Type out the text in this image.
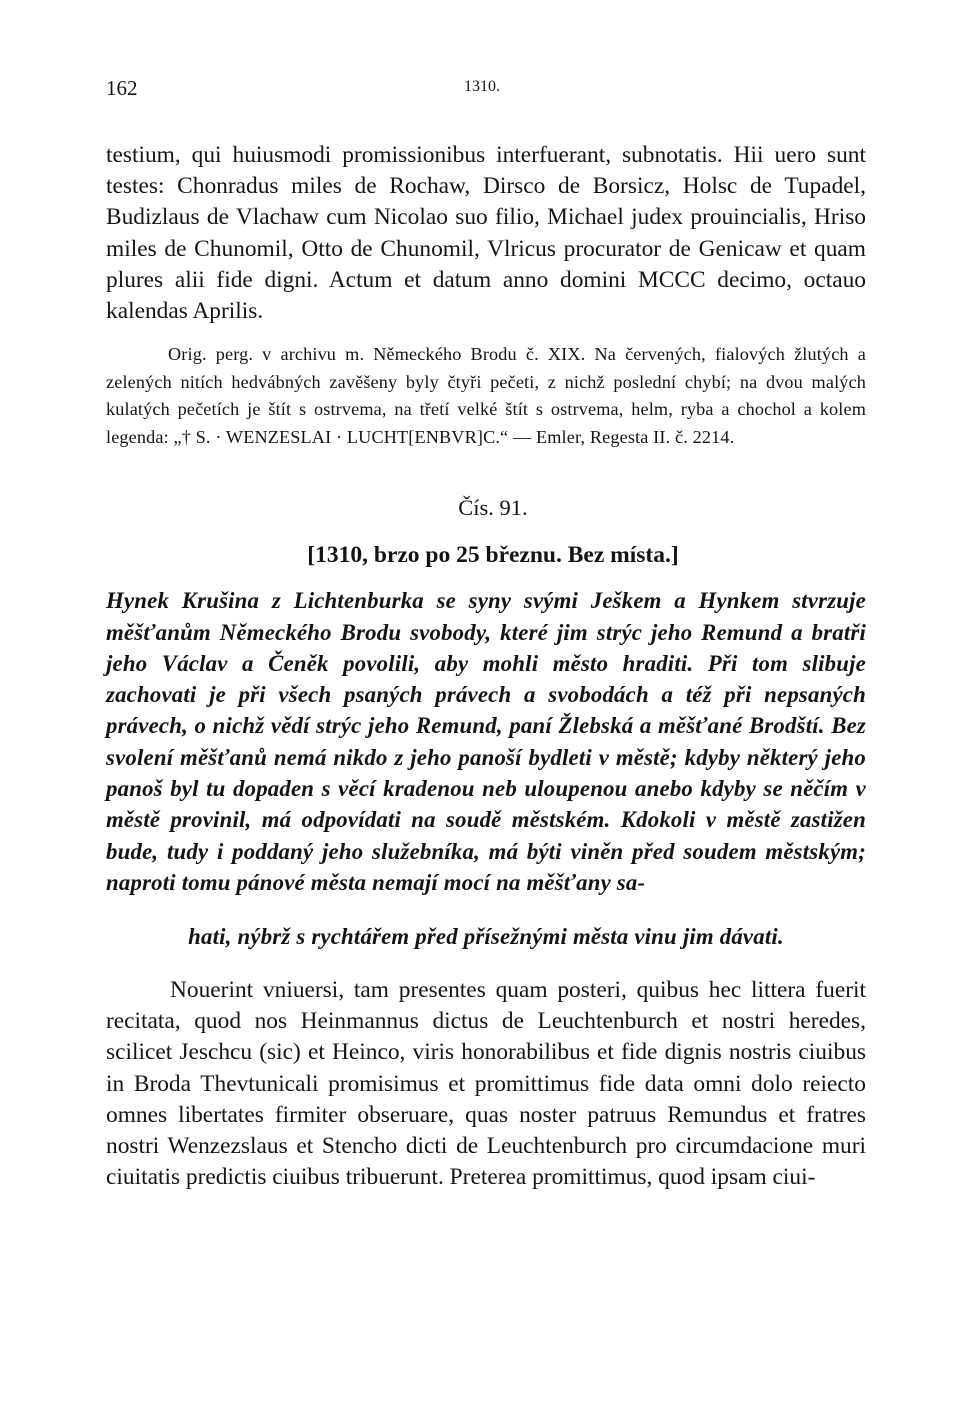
162	1310.

testium, qui huiusmodi promissionibus interfuerant, subnotatis. Hii uero sunt testes: Chonradus miles de Rochaw, Dirsco de Borsicz, Holsc de Tupadel, Budizlaus de Vlachaw cum Nicolao suo filio, Michael judex prouincialis, Hriso miles de Chunomil, Otto de Chunomil, Vlricus procurator de Genicaw et quam plures alii fide digni. Actum et datum anno domini MCCC decimo, octauo kalendas Aprilis.

Orig. perg. v archivu m. Německého Brodu č. XIX. Na červených, fialových žlutých a zelených nitích hedvábných zavěšeny byly čtyři pečeti, z nichž poslední chybí; na dvou malých kulatých pečetích je štít s ostrvema, na třetí velké štít s ostrvema, helm, ryba a chochol a kolem legenda: „† S. · WENZESLAI · LUCHT[ENBVR]C.“ — Emler, Regesta II. č. 2214.

Čís. 91.
[1310, brzo po 25 březnu. Bez místa.]

Hynek Krušina z Lichtenburka se syny svými Ješkem a Hynkem stvrzuje měšťanům Německého Brodu svobody, které jim strýc jeho Remund a bratři jeho Václav a Čeněk povolili, aby mohli město hraditi. Při tom slibuje zachovati je při všech psaných právech a svobodách a též při nepsaných právech, o nichž vědí strýc jeho Remund, paní Žlebská a měšťané Brodští. Bez svolení měšťanů nemá nikdo z jeho panoší bydleti v městě; kdyby některý jeho panoš byl tu dopaden s věcí kradenou neb uloupenou anebo kdyby se něčím v městě provinil, má odpovídati na soudě městském. Kdokoli v městě zastižen bude, tudy i poddaný jeho služebníka, má býti viněn před soudem městským; naproti tomu pánové města nemají mocí na měšťany sa-

hati, nýbrž s rychtářem před přísežnými města vinu jim dávati.

Nouerint vniuersi, tam presentes quam posteri, quibus hec littera fuerit recitata, quod nos Heinmannus dictus de Leuchtenburch et nostri heredes, scilicet Jeschcu (sic) et Heinco, viris honorabilibus et fide dignis nostris ciuibus in Broda Thevtunicali promisimus et promittimus fide data omni dolo reiecto omnes libertates firmiter obseruare, quas noster patruus Remundus et fratres nostri Wenzezslaus et Stencho dicti de Leuchtenburch pro circumdacione muri ciuitatis predictis ciuibus tribuerunt. Preterea promittimus, quod ipsam ciui-
